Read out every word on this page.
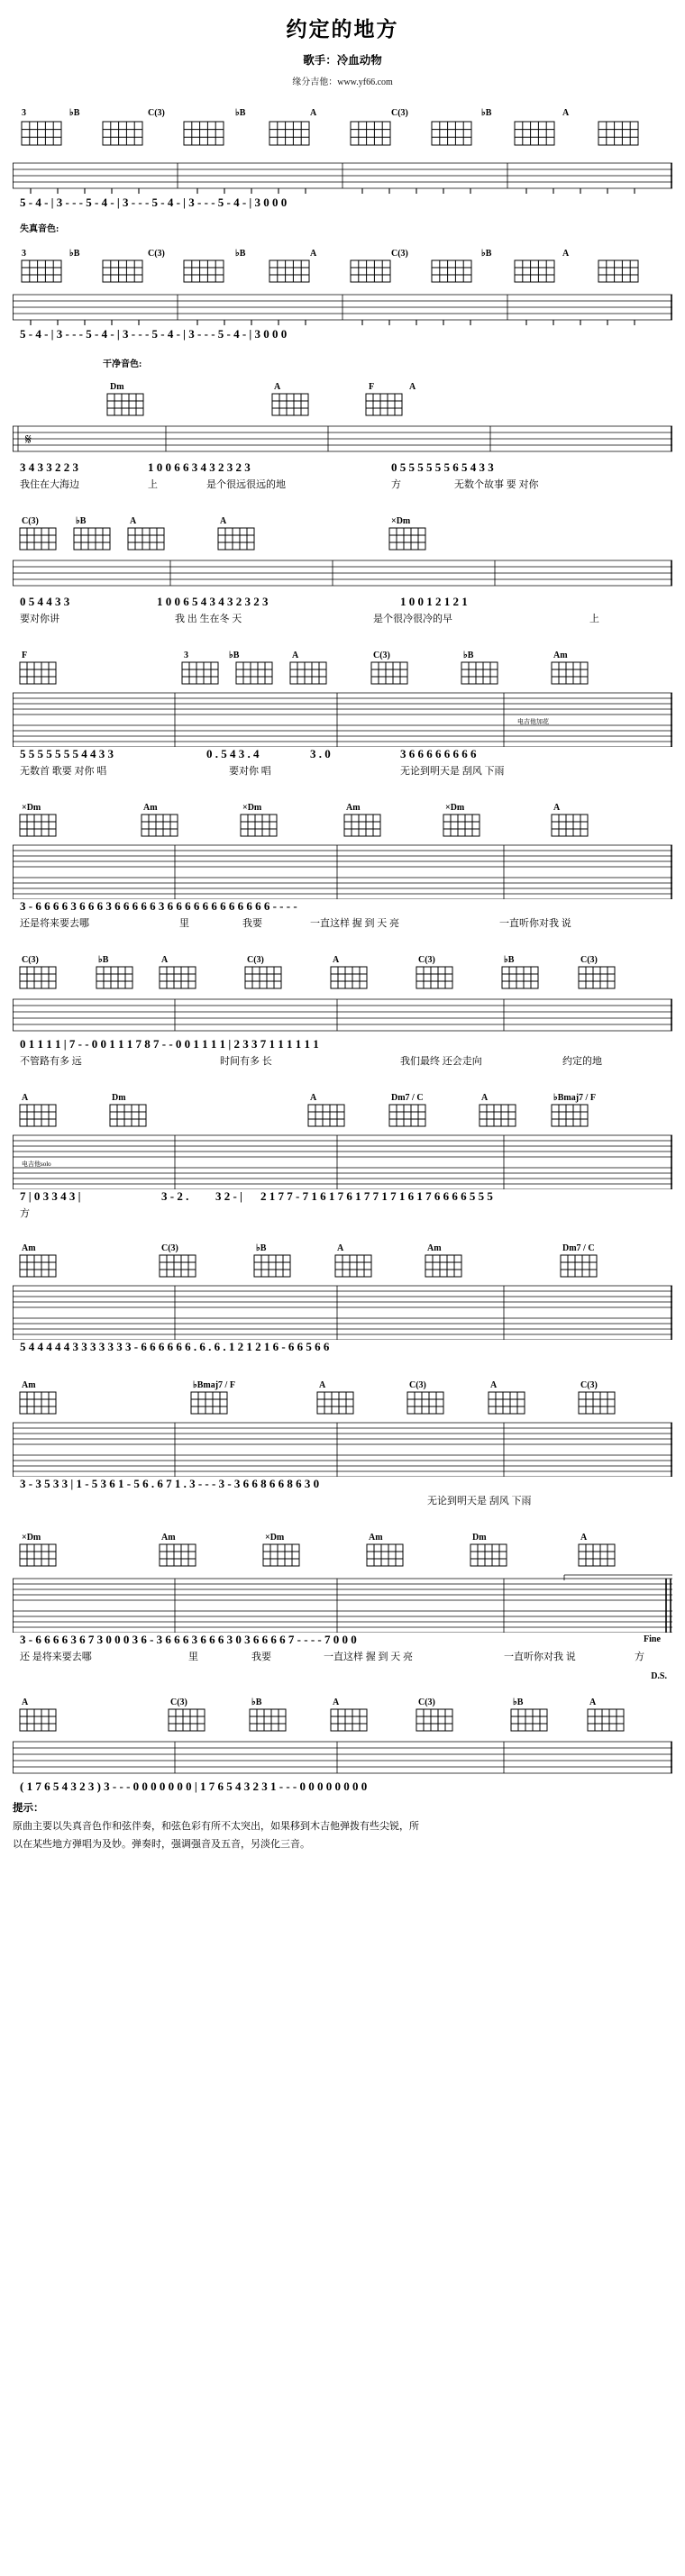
约定的地方
歌手：冷血动物
缘分吉他：www.yf66.com
3	♭B	C(3)	♭B	A	C(3)	♭B	A
5 - 4 - | 3 - - - 5 - 4 - | 3 - - - 5 - 4 - | 3 - - - 5 - 4 - | 3 0 0 0
失真音色:
3	♭B	C(3)	♭B	A	C(3)	♭B	A
5 - 4 - | 3 - - - 5 - 4 - | 3 - - - 5 - 4 - | 3 - - - 5 - 4 - | 3 0 0 0
干净音色:
Dm	A	F	A
𝄋
3 4 3 3 2 2 3	1 0 0 6 6 3 4 3 2 3 2 3	0 5 5 5 5 5 5 6 5 4 3 3
我住在大海边	上	是个很远很远的地	方	无数个故事 要 对你
C(3)	♭B	A	A	×Dm
0 5 4 4 3 3	1 0 0 6 5 4 3 4 3 2 3 2 3	1 0 0 1 2 1 2 1
要对你讲	我 出 生在冬 天	是个很冷很冷的早	上
F	3	♭B	A	C(3)	♭B	Am
电吉他加花
5 5 5 5 5 5 5 4 4 3 3	0 . 5 4 3 . 4	3 . 0	3 6 6 6 6 6 6 6 6
无数首 歌要 对你 唱	要对你 唱	无论到明天是 刮风 下雨
×Dm	Am	×Dm	Am	×Dm	A
3 - 6 6 6 6 3 6 6 6 3 6 6 6 6 6 3 6 6 6 6 6 6 6 6 6 6 6 6 - - - -
还是将来要去哪	里	我要	一直这样 握 到 天 亮	一直听你对我 说
C(3)	♭B	A	C(3)	A	C(3)	♭B	C(3)
0 1 1 1 1 | 7 - - 0 0 1 1 1 7 8 7 - - 0 0 1 1 1 1 | 2 3 3 7 1 1 1 1 1 1
不管路有多 远	时间有多 长	我们最终 还会走向	约定的地
A	Dm	A	Dm7 / C	A	♭Bmaj7 / F
电吉他solo
7 | 0 3 3 4 3 |	3 - 2 . 3 2 - | 2 1 7 7 - 7 1 6 1 7 6 1 7 7 1 7 1 6 1 7 6 6 6 6 5 5 5
方
Am	C(3)	♭B	A	Am	Dm7 / C
5 4 4 4 4 4 3 3 3 3 3 3 3 - 6 6 6 6 6 6 . 6 . 6 . 1 2 1 2 1 6 - 6 6 5 6 6
Am	♭Bmaj7 / F	A	C(3)	A	C(3)
3 - 3 5 3 3 | 1 - 5 3 6 1 - 5 6 . 6 7 1 . 3 - - - 3 - 3 6 6 8 6 6 8 6 3 0
无论到明天是 刮风 下雨
×Dm	Am	×Dm	Am	Dm	A
3 - 6 6 6 6 3 6 7 3 0 0 0 3 6 - 3 6 6 6 3 6 6 6 3 0 3 6 6 6 6 7 - - - - 7 0 0 0	Fine
还 是将来要去哪	里	我要	一直这样 握 到 天 亮	一直听你对我 说	方
D.S.
A	C(3)	♭B	A	C(3)	♭B	A
( 1 7 6 5 4 3 2 3 ) 3 - - - 0 0 0 0 0 0 0 | 1 7 6 5 4 3 2 3 1 - - - 0 0 0 0 0 0 0 0
提示：

原曲主要以失真音色作和弦伴奏，和弦色彩有所不太突出，如果移到木吉他弹拨有些尖锐，所

以在某些地方弹唱为及妙。弹奏时，强调强音及五音，另淡化三音。
